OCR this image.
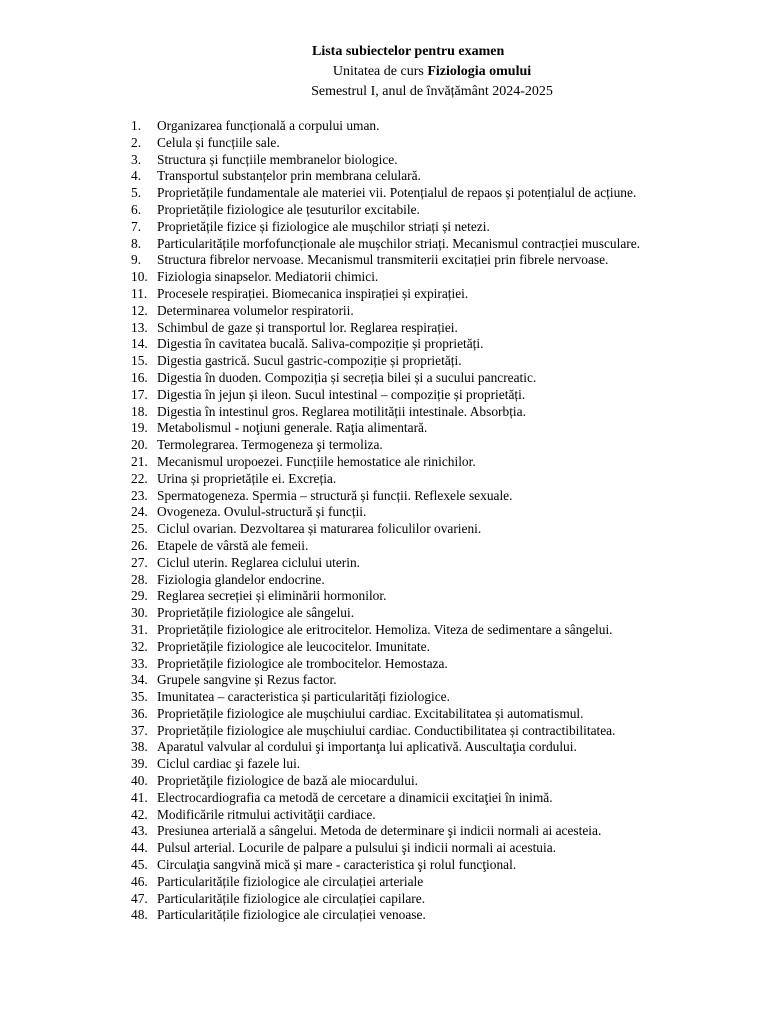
Lista subiectelor pentru examen
Unitatea de curs Fiziologia omului
Semestrul I, anul de învățământ 2024-2025
1. Organizarea funcțională a corpului uman.
2. Celula și funcțiile sale.
3. Structura și funcțiile membranelor biologice.
4. Transportul substanțelor prin membrana celulară.
5. Proprietățile fundamentale ale materiei vii. Potențialul de repaos și potențialul de acțiune.
6. Proprietățile fiziologice ale țesuturilor excitabile.
7. Proprietățile fizice și fiziologice ale mușchilor striați și netezi.
8. Particularitățile morfofuncționale ale mușchilor striați. Mecanismul contracției musculare.
9. Structura fibrelor nervoase. Mecanismul transmiterii excitației prin fibrele nervoase.
10. Fiziologia sinapselor. Mediatorii chimici.
11. Procesele respirației. Biomecanica inspirației și expirației.
12. Determinarea volumelor respiratorii.
13. Schimbul de gaze și transportul lor. Reglarea respirației.
14. Digestia în cavitatea bucală. Saliva-compoziție și proprietăți.
15. Digestia gastrică. Sucul gastric-compoziție și proprietăți.
16. Digestia în duoden. Compoziția și secreția bilei și a sucului pancreatic.
17. Digestia în jejun și ileon. Sucul intestinal – compoziție și proprietăți.
18. Digestia în intestinul gros. Reglarea motilității intestinale. Absorbția.
19. Metabolismul - noţiuni generale. Raţia alimentară.
20. Termolegrarea. Termogeneza şi termoliza.
21. Mecanismul uropoezei. Funcțiile hemostatice ale rinichilor.
22. Urina și proprietățile ei. Excreția.
23. Spermatogeneza. Spermia – structură și funcții. Reflexele sexuale.
24. Ovogeneza. Ovulul-structură și funcții.
25. Ciclul ovarian. Dezvoltarea și maturarea foliculilor ovarieni.
26. Etapele de vârstă ale femeii.
27. Ciclul uterin. Reglarea ciclului uterin.
28. Fiziologia glandelor endocrine.
29. Reglarea secreției și eliminării hormonilor.
30. Proprietățile fiziologice ale sângelui.
31. Proprietățile fiziologice ale eritrocitelor. Hemoliza. Viteza de sedimentare a sângelui.
32. Proprietățile fiziologice ale leucocitelor. Imunitate.
33. Proprietățile fiziologice ale trombocitelor. Hemostaza.
34. Grupele sangvine și Rezus factor.
35. Imunitatea – caracteristica și particularități fiziologice.
36. Proprietățile fiziologice ale mușchiului cardiac. Excitabilitatea și automatismul.
37. Proprietățile fiziologice ale mușchiului cardiac. Conductibilitatea și contractibilitatea.
38. Aparatul valvular al cordului şi importanţa lui aplicativă. Auscultaţia cordului.
39. Ciclul cardiac şi fazele lui.
40. Proprietăţile fiziologice de bază ale miocardului.
41. Electrocardiografia ca metodă de cercetare a dinamicii excitaţiei în inimă.
42. Modificările ritmului activităţii cardiace.
43. Presiunea arterială a sângelui. Metoda de determinare şi indicii normali ai acesteia.
44. Pulsul arterial. Locurile de palpare a pulsului şi indicii normali ai acestuia.
45. Circulaţia sangvină mică și mare - caracteristica şi rolul funcţional.
46. Particularitățile fiziologice ale circulației arteriale
47. Particularitățile fiziologice ale circulației capilare.
48. Particularitățile fiziologice ale circulației venoase.
